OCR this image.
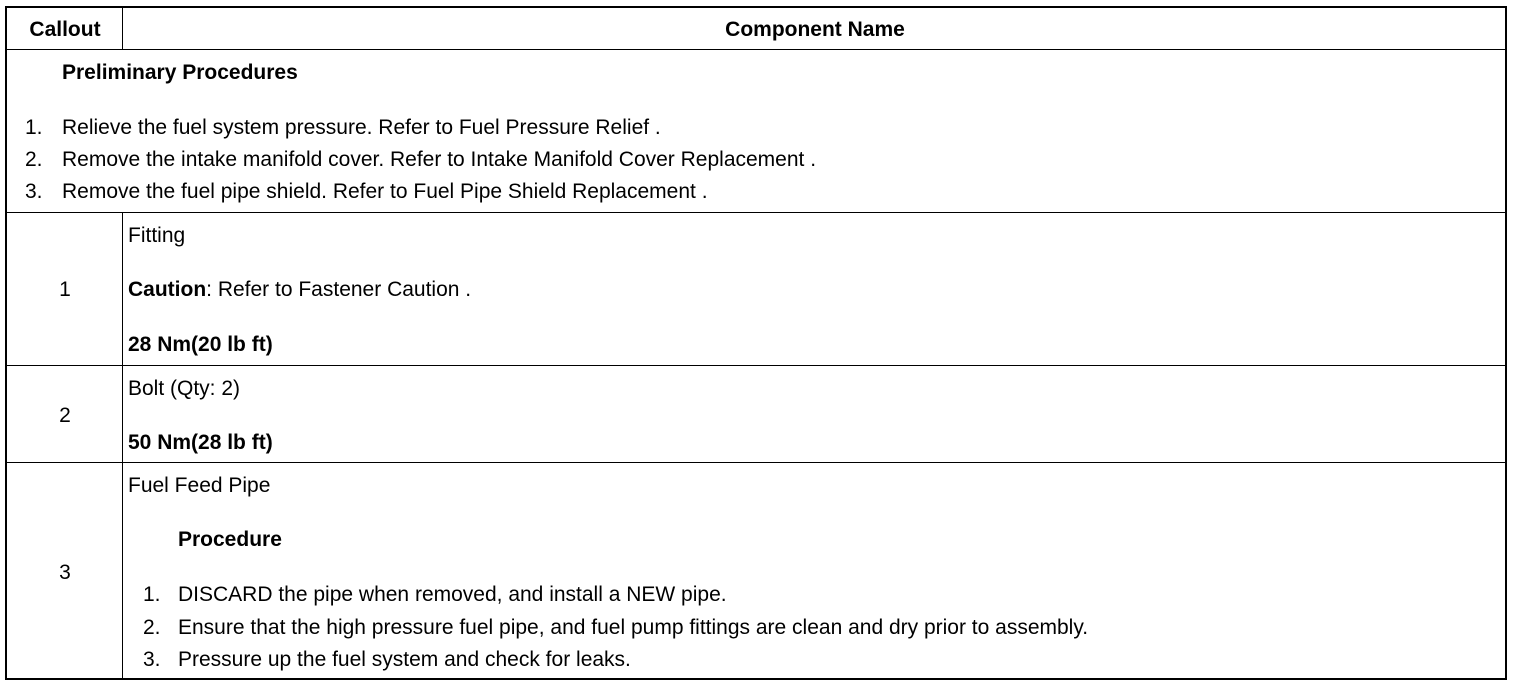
Callout	Component Name
Preliminary Procedures
1. Relieve the fuel system pressure. Refer to Fuel Pressure Relief .
2. Remove the intake manifold cover. Refer to Intake Manifold Cover Replacement .
3. Remove the fuel pipe shield. Refer to Fuel Pipe Shield Replacement .
1
Fitting
Caution: Refer to Fastener Caution .
28 Nm(20 lb ft)
2
Bolt (Qty: 2)
50 Nm(28 lb ft)
3
Fuel Feed Pipe
Procedure
1. DISCARD the pipe when removed, and install a NEW pipe.
2. Ensure that the high pressure fuel pipe, and fuel pump fittings are clean and dry prior to assembly.
3. Pressure up the fuel system and check for leaks.
